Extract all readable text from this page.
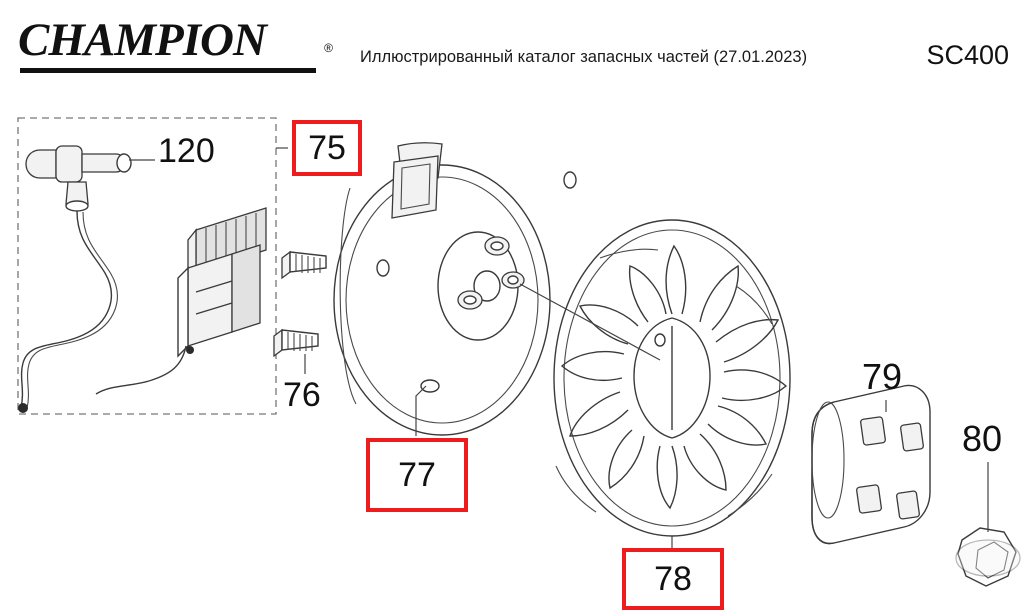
CHAMPION	® Иллюстрированный каталог запасных частей (27.01.2023)	SC400
120	75
76
77
78
79
80
